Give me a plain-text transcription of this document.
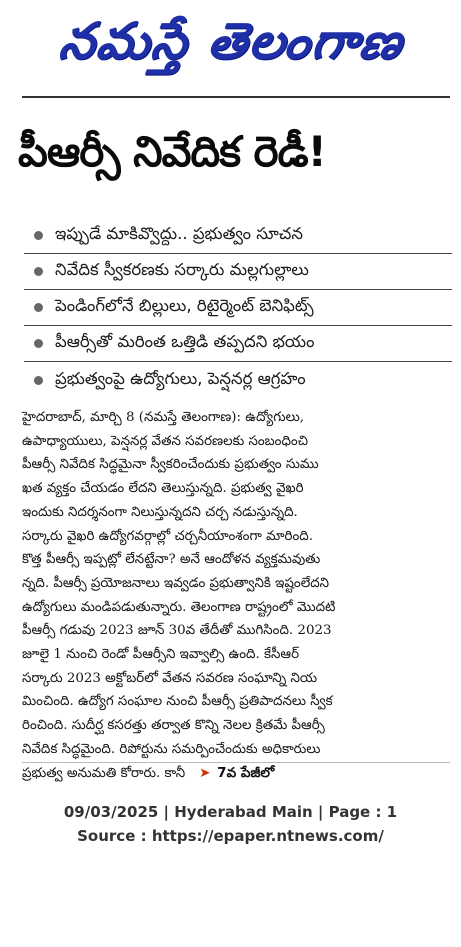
నమస్తే తెలంగాణ
పీఆర్సీ నివేదిక రెడీ!
ఇప్పుడే మాకివ్వొద్దు.. ప్రభుత్వం సూచన
నివేదిక స్వీకరణకు సర్కారు మల్లగుల్లాలు
పెండింగ్‌లోనే బిల్లులు, రిటైర్మెంట్ బెనిఫిట్స్
పీఆర్సీతో మరింత ఒత్తిడి తప్పదని భయం
ప్రభుత్వంపై ఉద్యోగులు, పెన్షనర్ల ఆగ్రహం
హైదరాబాద్, మార్చి 8 (నమస్తే తెలంగాణ): ఉద్యోగులు,
ఉపాధ్యాయులు, పెన్షనర్ల వేతన సవరణలకు సంబంధించి
పీఆర్సీ నివేదిక సిద్ధమైనా స్వీకరించేందుకు ప్రభుత్వం సుము
ఖత వ్యక్తం చేయడం లేదని తెలుస్తున్నది. ప్రభుత్వ వైఖరి
ఇందుకు నిదర్శనంగా నిలుస్తున్నదని చర్చ నడుస్తున్నది.
సర్కారు వైఖరి ఉద్యోగవర్గాల్లో చర్చనీయాంశంగా మారింది.
కొత్త పీఆర్సీ ఇప్పట్లో లేనట్టేనా? అనే ఆందోళన వ్యక్తమవుతు
న్నది. పీఆర్సీ ప్రయోజనాలు ఇవ్వడం ప్రభుత్వానికి ఇష్టంలేదని
ఉద్యోగులు మండిపడుతున్నారు. తెలంగాణ రాష్ట్రంలో మొదటి
పీఆర్సీ గడువు 2023 జూన్ 30వ తేదీతో ముగిసింది. 2023
జూలై 1 నుంచి రెండో పీఆర్సీని ఇవ్వాల్సి ఉంది. కేసీఆర్
సర్కారు 2023 అక్టోబర్‌లో వేతన సవరణ సంఘాన్ని నియ
మించింది. ఉద్యోగ సంఘాల నుంచి పీఆర్సీ ప్రతిపాదనలు స్వీక
రించింది. సుదీర్ఘ కసరత్తు తర్వాత కొన్ని నెలల క్రితమే పీఆర్సీ
నివేదిక సిద్ధమైంది. రిపోర్టును సమర్పించేందుకు అధికారులు
ప్రభుత్వ అనుమతి కోరారు. కానీ ➤ 7వ పేజీలో
09/03/2025 | Hyderabad Main | Page : 1
Source : https://epaper.ntnews.com/
